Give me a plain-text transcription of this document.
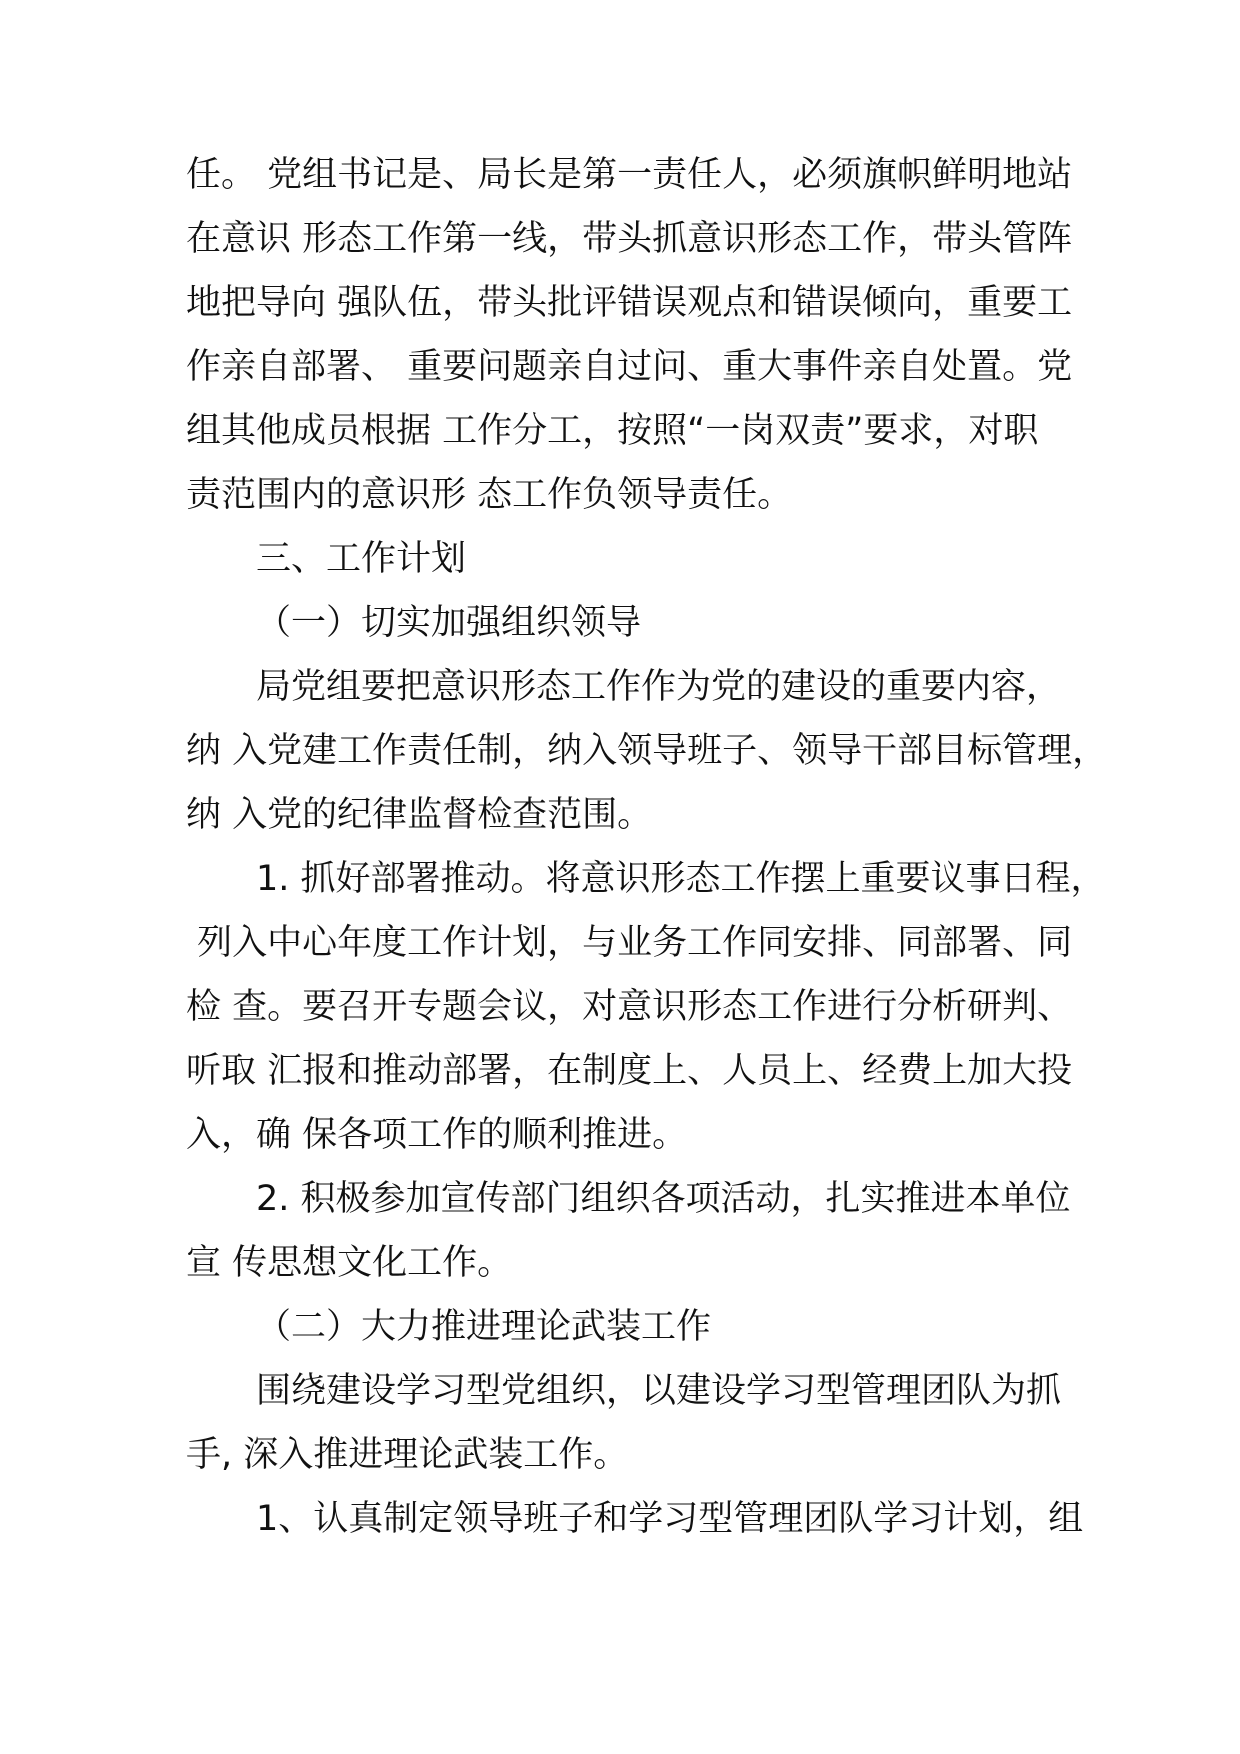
任。 党组书记是、局长是第一责任人，必须旗帜鲜明地站
在意识 形态工作第一线，带头抓意识形态工作，带头管阵
地把导向 强队伍，带头批评错误观点和错误倾向，重要工
作亲自部署、 重要问题亲自过问、重大事件亲自处置。党
组其他成员根据 工作分工，按照“一岗双责”要求，对职
责范围内的意识形 态工作负领导责任。
三、工作计划
（一）切实加强组织领导
局党组要把意识形态工作作为党的建设的重要内容，
纳 入党建工作责任制，纳入领导班子、领导干部目标管理，
纳 入党的纪律监督检查范围。
1. 抓好部署推动。将意识形态工作摆上重要议事日程，
列入中心年度工作计划，与业务工作同安排、同部署、同
检 查。要召开专题会议，对意识形态工作进行分析研判、
听取 汇报和推动部署，在制度上、人员上、经费上加大投
入，确 保各项工作的顺利推进。
2. 积极参加宣传部门组织各项活动，扎实推进本单位
宣 传思想文化工作。
（二）大力推进理论武装工作
围绕建设学习型党组织，以建设学习型管理团队为抓
手, 深入推进理论武装工作。
1、认真制定领导班子和学习型管理团队学习计划，组
